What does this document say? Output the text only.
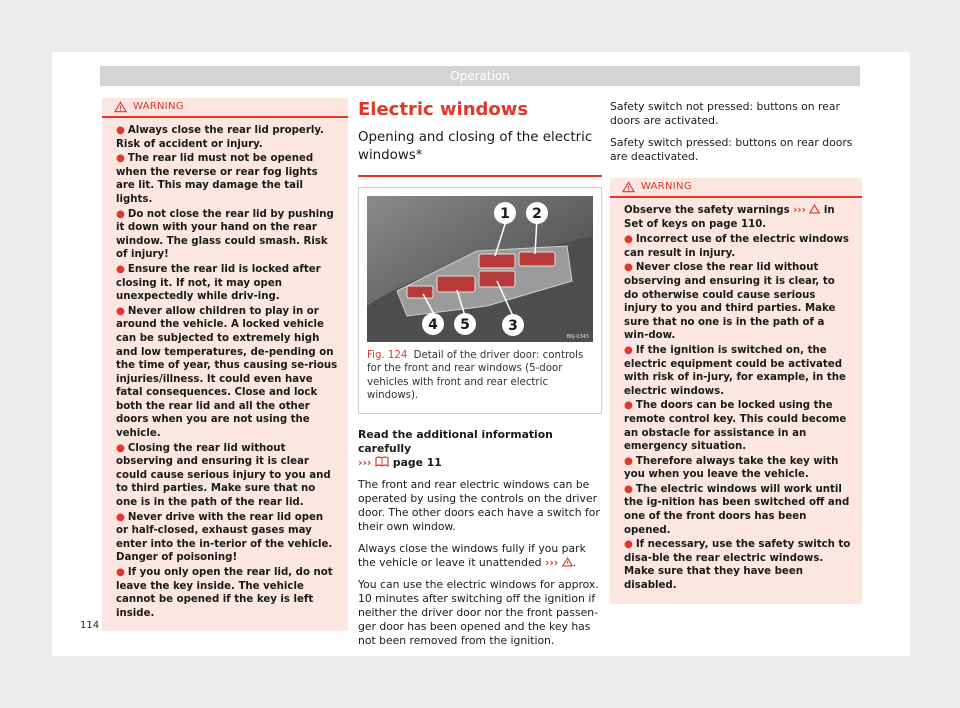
Operation
WARNING
● Always close the rear lid properly. Risk of accident or injury.
● The rear lid must not be opened when the reverse or rear fog lights are lit. This may damage the tail lights.
● Do not close the rear lid by pushing it down with your hand on the rear window. The glass could smash. Risk of injury!
● Ensure the rear lid is locked after closing it. If not, it may open unexpectedly while driv-ing.
● Never allow children to play in or around the vehicle. A locked vehicle can be subjected to extremely high and low temperatures, de-pending on the time of year, thus causing se-rious injuries/illness. It could even have fatal consequences. Close and lock both the rear lid and all the other doors when you are not using the vehicle.
● Closing the rear lid without observing and ensuring it is clear could cause serious injury to you and to third parties. Make sure that no one is in the path of the rear lid.
● Never drive with the rear lid open or half-closed, exhaust gases may enter into the in-terior of the vehicle. Danger of poisoning!
● If you only open the rear lid, do not leave the key inside. The vehicle cannot be opened if the key is left inside.
Electric windows
Opening and closing of the electric windows*
1 2
3
4 5
B6J-0345
Fig. 124 Detail of the driver door: controls for the front and rear windows (5-door vehicles with front and rear electric windows).
Read the additional information carefully
››› page 11
The front and rear electric windows can be operated by using the controls on the driver door. The other doors each have a switch for their own window.
Always close the windows fully if you park the vehicle or leave it unattended ››› .
You can use the electric windows for approx. 10 minutes after switching off the ignition if neither the driver door nor the front passen-ger door has been opened and the key has not been removed from the ignition.
Safety switch not pressed: buttons on rear doors are activated.
Safety switch pressed: buttons on rear doors are deactivated.
WARNING
Observe the safety warnings ››› in Set of keys on page 110.
● Incorrect use of the electric windows can result in injury.
● Never close the rear lid without observing and ensuring it is clear, to do otherwise could cause serious injury to you and third parties. Make sure that no one is in the path of a win-dow.
● If the ignition is switched on, the electric equipment could be activated with risk of in-jury, for example, in the electric windows.
● The doors can be locked using the remote control key. This could become an obstacle for assistance in an emergency situation.
● Therefore always take the key with you when you leave the vehicle.
● The electric windows will work until the ig-nition has been switched off and one of the front doors has been opened.
● If necessary, use the safety switch to disa-ble the rear electric windows. Make sure that they have been disabled.
114
